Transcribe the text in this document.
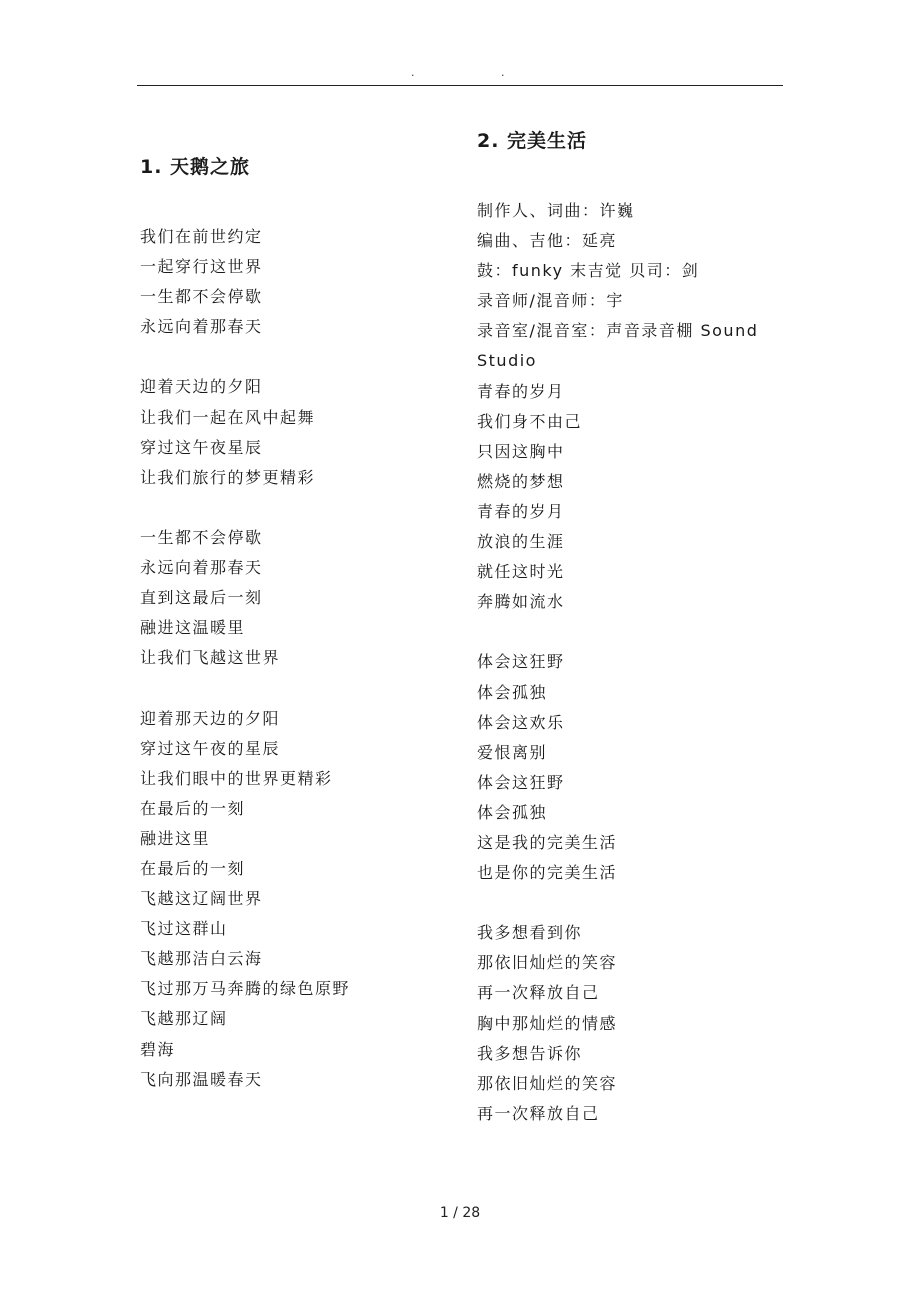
.	.
1. 天鹅之旅
我们在前世约定
一起穿行这世界
一生都不会停歇
永远向着那春天
迎着天边的夕阳
让我们一起在风中起舞
穿过这午夜星辰
让我们旅行的梦更精彩
一生都不会停歇
永远向着那春天
直到这最后一刻
融进这温暖里
让我们飞越这世界
迎着那天边的夕阳
穿过这午夜的星辰
让我们眼中的世界更精彩
在最后的一刻
融进这里
在最后的一刻
飞越这辽阔世界
飞过这群山
飞越那洁白云海
飞过那万马奔腾的绿色原野
飞越那辽阔
碧海
飞向那温暖春天
2. 完美生活
制作人、词曲：许巍
编曲、吉他：延亮
鼓：funky 末吉觉 贝司：剑
录音师/混音师：宇
录音室/混音室：声音录音棚 Sound
Studio
青春的岁月
我们身不由己
只因这胸中
燃烧的梦想
青春的岁月
放浪的生涯
就任这时光
奔腾如流水
体会这狂野
体会孤独
体会这欢乐
爱恨离别
体会这狂野
体会孤独
这是我的完美生活
也是你的完美生活
我多想看到你
那依旧灿烂的笑容
再一次释放自己
胸中那灿烂的情感
我多想告诉你
那依旧灿烂的笑容
再一次释放自己
1 / 28
